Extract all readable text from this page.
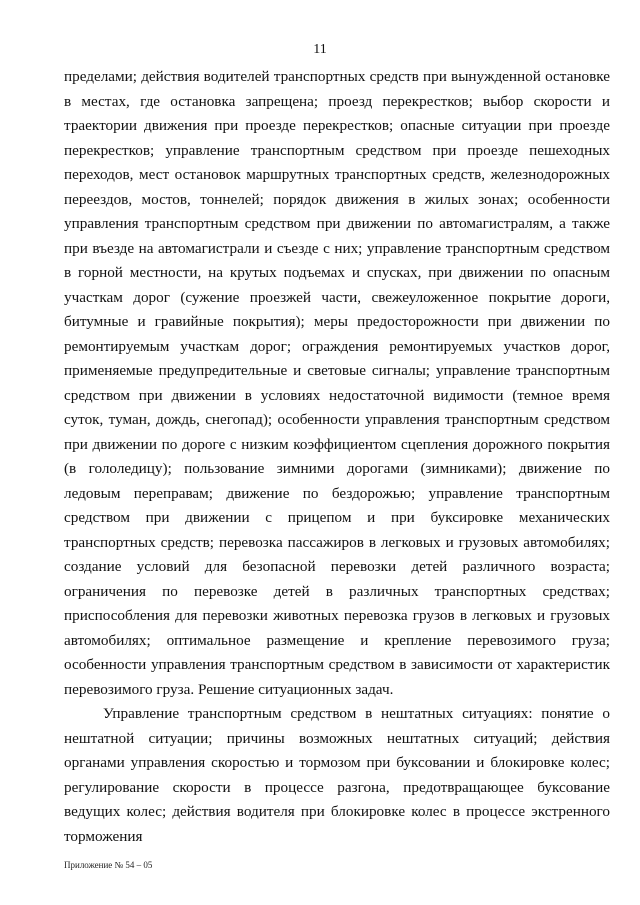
11

пределами; действия водителей транспортных средств при вынужденной остановке в местах, где остановка запрещена; проезд перекрестков; выбор скорости и траектории движения при проезде перекрестков; опасные ситуации при проезде перекрестков; управление транспортным средством при проезде пешеходных переходов, мест остановок маршрутных транспортных средств, железнодорожных переездов, мостов, тоннелей; порядок движения в жилых зонах; особенности управления транспортным средством при движении по автомагистралям, а также при въезде на автомагистрали и съезде с них; управление транспортным средством в горной местности, на крутых подъемах и спусках, при движении по опасным участкам дорог (сужение проезжей части, свежеуложенное покрытие дороги, битумные и гравийные покрытия); меры предосторожности при движении по ремонтируемым участкам дорог; ограждения ремонтируемых участков дорог, применяемые предупредительные и световые сигналы; управление транспортным средством при движении в условиях недостаточной видимости (темное время суток, туман, дождь, снегопад); особенности управления транспортным средством при движении по дороге с низким коэффициентом сцепления дорожного покрытия (в гололедицу); пользование зимними дорогами (зимниками); движение по ледовым переправам; движение по бездорожью; управление транспортным средством при движении с прицепом и при буксировке механических транспортных средств; перевозка пассажиров в легковых и грузовых автомобилях; создание условий для безопасной перевозки детей различного возраста; ограничения по перевозке детей в различных транспортных средствах; приспособления для перевозки животных перевозка грузов в легковых и грузовых автомобилях; оптимальное размещение и крепление перевозимого груза; особенности управления транспортным средством в зависимости от характеристик перевозимого груза. Решение ситуационных задач.

Управление транспортным средством в нештатных ситуациях: понятие о нештатной ситуации; причины возможных нештатных ситуаций; действия органами управления скоростью и тормозом при буксовании и блокировке колес; регулирование скорости в процессе разгона, предотвращающее буксование ведущих колес; действия водителя при блокировке колес в процессе экстренного торможения

Приложение № 54 – 05
